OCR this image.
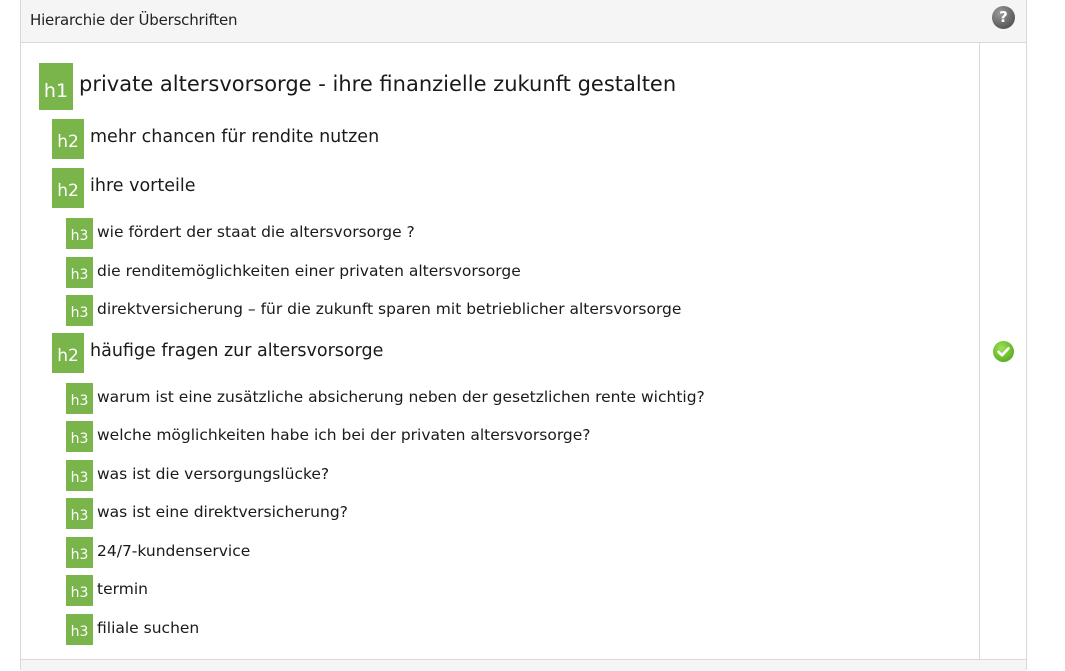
Hierarchie der Überschriften	?
h1 private altersvorsorge - ihre finanzielle zukunft gestalten
h2 mehr chancen für rendite nutzen
h2 ihre vorteile
h3 wie fördert der staat die altersvorsorge ?
h3 die renditemöglichkeiten einer privaten altersvorsorge
h3 direktversicherung – für die zukunft sparen mit betrieblicher altersvorsorge
h2 häufige fragen zur altersvorsorge
h3 warum ist eine zusätzliche absicherung neben der gesetzlichen rente wichtig?
h3 welche möglichkeiten habe ich bei der privaten altersvorsorge?
h3 was ist die versorgungslücke?
h3 was ist eine direktversicherung?
h3 24/7-kundenservice
h3 termin
h3 filiale suchen
